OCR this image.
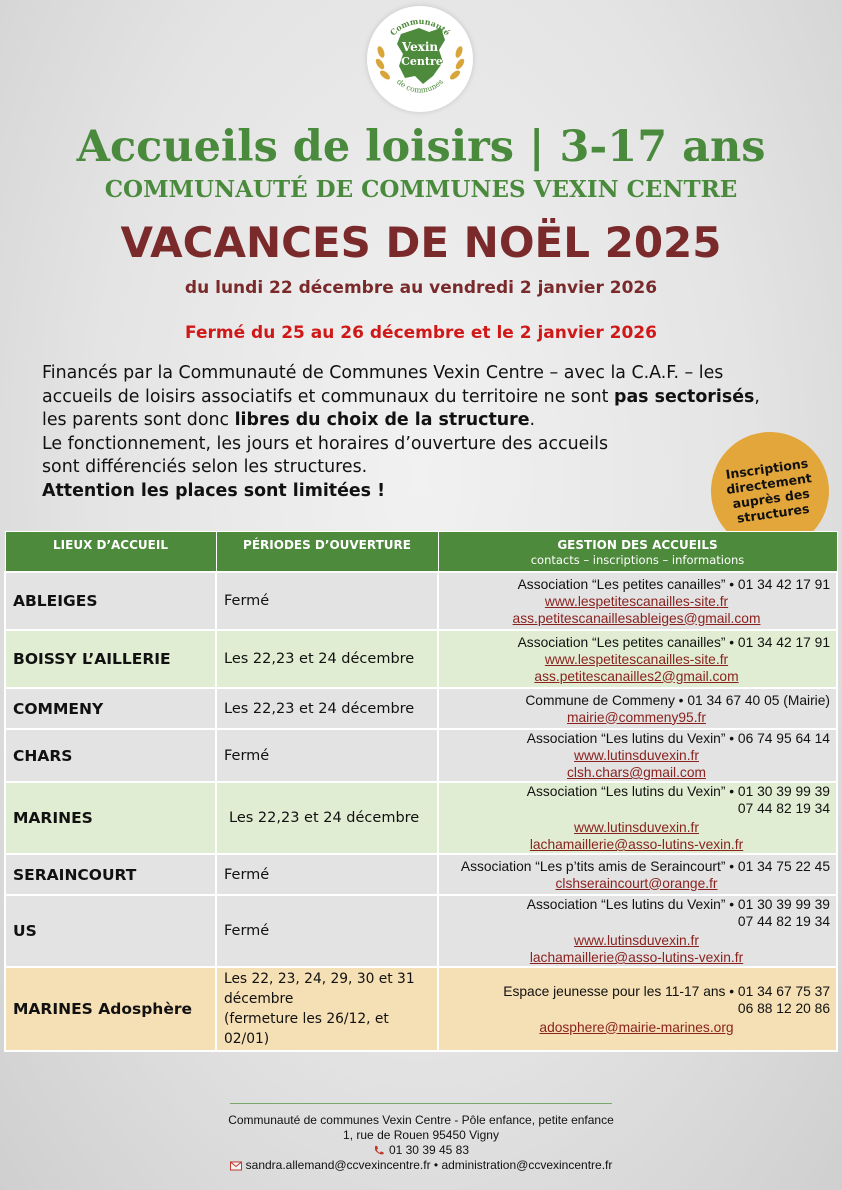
Communauté
Vexin
Centre
de communes
Accueils de loisirs | 3-17 ans
COMMUNAUTÉ DE COMMUNES VEXIN CENTRE
VACANCES DE NOËL 2025
du lundi 22 décembre au vendredi 2 janvier 2026
Fermé du 25 au 26 décembre et le 2 janvier 2026

Financés par la Communauté de Communes Vexin Centre – avec la C.A.F. – les

accueils de loisirs associatifs et communaux du territoire ne sont pas sectorisés,

les parents sont donc libres du choix de la structure.

Le fonctionnement, les jours et horaires d’ouverture des accueils

sont différenciés selon les structures.

Attention les places sont limitées !

Inscriptions directement auprès des structures
LIEUX D’ACCUEIL	PÉRIODES D’OUVERTURE	GESTION DES ACCUEILS
contacts – inscriptions – informations

ABLEIGES	Fermé	Association “Les petites canailles” • 01 34 42 17 91
www.lespetitescanailles-site.fr
ass.petitescanaillesableiges@gmail.com

BOISSY L’AILLERIE	Les 22,23 et 24 décembre	Association “Les petites canailles” • 01 34 42 17 91
www.lespetitescanailles-site.fr
ass.petitescanailles2@gmail.com

COMMENY	Les 22,23 et 24 décembre	Commune de Commeny • 01 34 67 40 05 (Mairie)
mairie@commeny95.fr

CHARS	Fermé	Association “Les lutins du Vexin” • 06 74 95 64 14
www.lutinsduvexin.fr
clsh.chars@gmail.com

MARINES	Les 22,23 et 24 décembre	Association “Les lutins du Vexin” • 01 30 39 99 39
07 44 82 19 34
www.lutinsduvexin.fr
lachamaillerie@asso-lutins-vexin.fr

SERAINCOURT	Fermé	Association “Les p’tits amis de Seraincourt” • 01 34 75 22 45
clshseraincourt@orange.fr

US	Fermé	Association “Les lutins du Vexin” • 01 30 39 99 39
07 44 82 19 34
www.lutinsduvexin.fr
lachamaillerie@asso-lutins-vexin.fr

MARINES Adosphère	Les 22, 23, 24, 29, 30 et 31
décembre
(fermeture les 26/12, et 02/01)	Espace jeunesse pour les 11-17 ans • 01 34 67 75 37
06 88 12 20 86
adosphere@mairie-marines.org
Communauté de communes Vexin Centre - Pôle enfance, petite enfance
1, rue de Rouen 95450 Vigny
01 30 39 45 83
sandra.allemand@ccvexincentre.fr • administration@ccvexincentre.fr
